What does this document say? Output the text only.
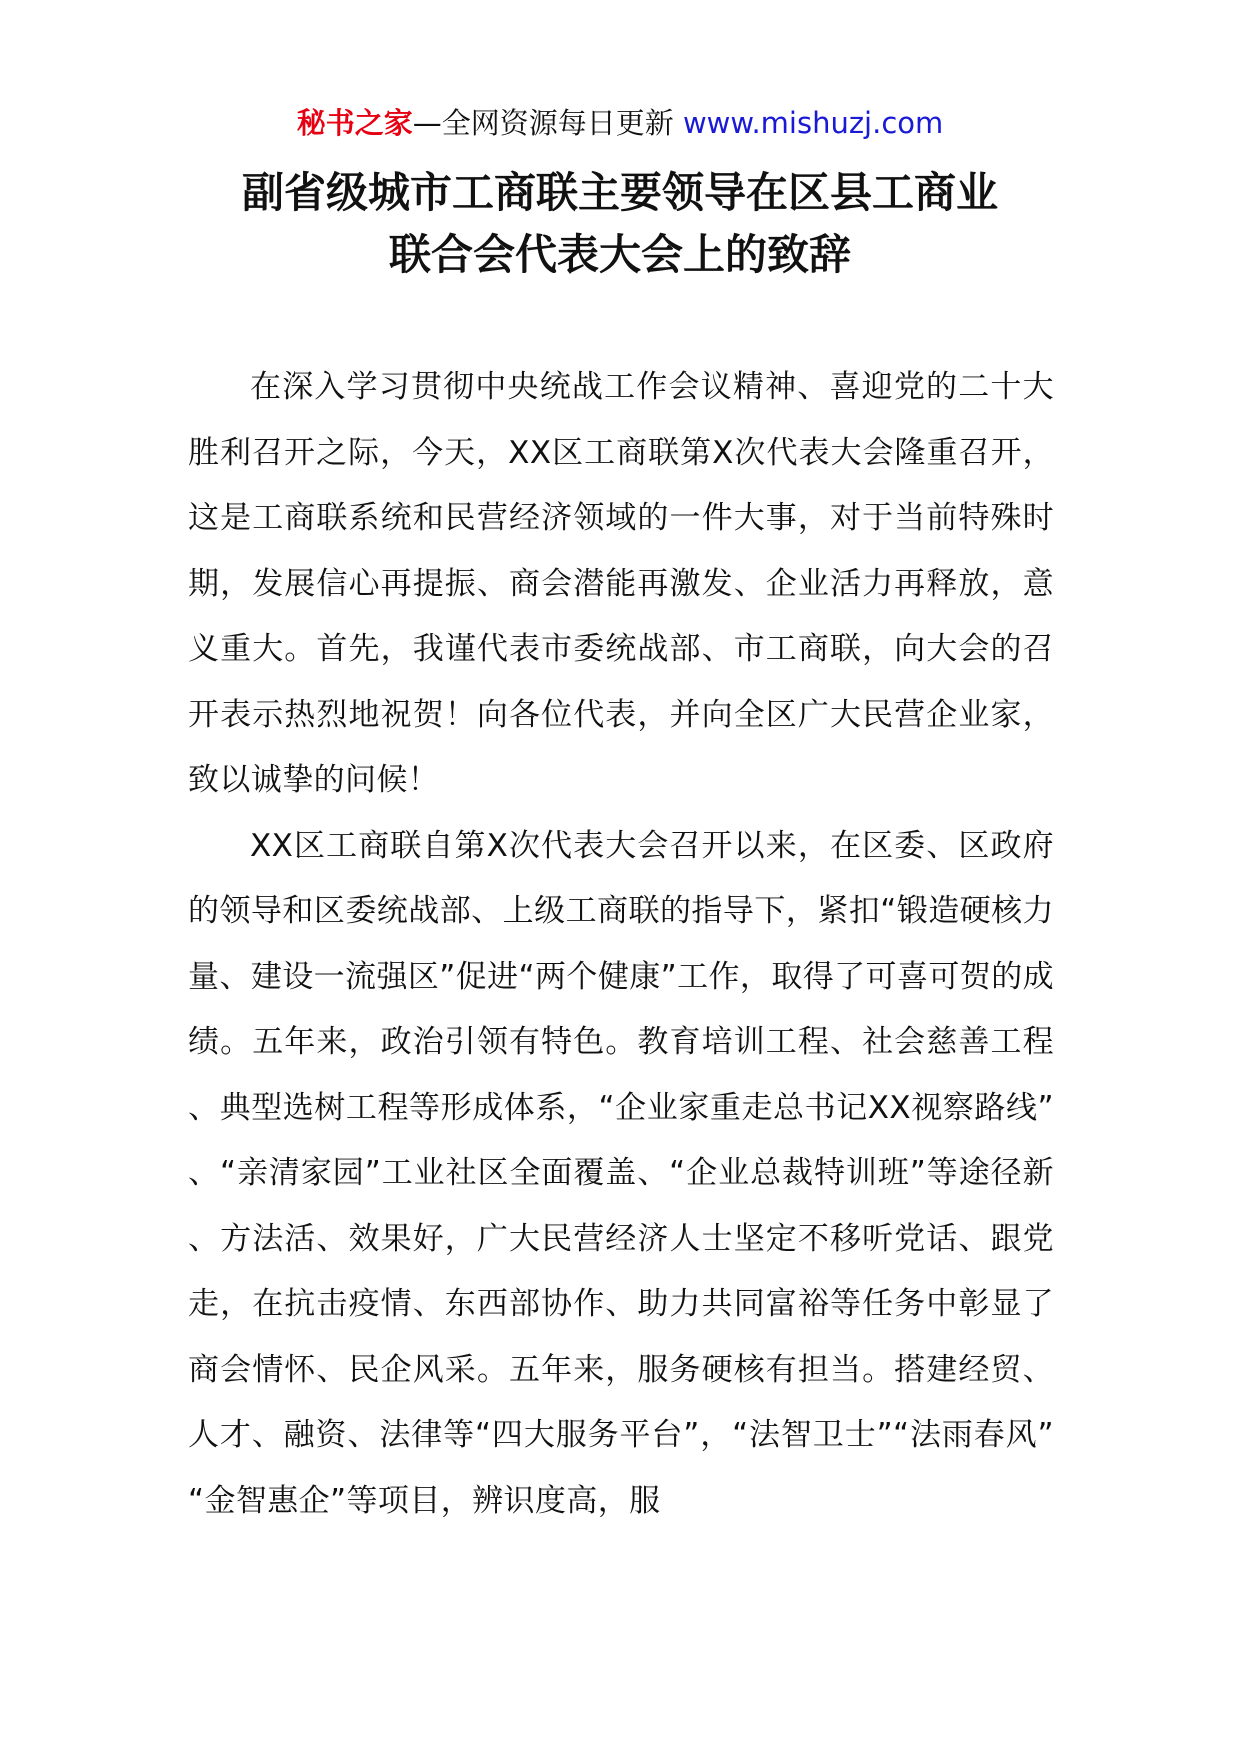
秘书之家—全网资源每日更新 www.mishuzj.com
副省级城市工商联主要领导在区县工商业
联合会代表大会上的致辞

在深入学习贯彻中央统战工作会议精神、喜迎党的二十大胜利召开之际，今天，XX区工商联第X次代表大会隆重召开，这是工商联系统和民营经济领域的一件大事，对于当前特殊时期，发展信心再提振、商会潜能再激发、企业活力再释放，意义重大。首先，我谨代表市委统战部、市工商联，向大会的召开表示热烈地祝贺！向各位代表，并向全区广大民营企业家，致以诚挚的问候！

XX区工商联自第X次代表大会召开以来，在区委、区政府的领导和区委统战部、上级工商联的指导下，紧扣“锻造硬核力量、建设一流强区”促进“两个健康”工作，取得了可喜可贺的成绩。五年来，政治引领有特色。教育培训工程、社会慈善工程、典型选树工程等形成体系，“企业家重走总书记XX视察路线”、“亲清家园”工业社区全面覆盖、“企业总裁特训班”等途径新、方法活、效果好，广大民营经济人士坚定不移听党话、跟党走，在抗击疫情、东西部协作、助力共同富裕等任务中彰显了商会情怀、民企风采。五年来，服务硬核有担当。搭建经贸、人才、融资、法律等“四大服务平台”，“法智卫士”“法雨春风”“金智惠企”等项目，辨识度高，服
